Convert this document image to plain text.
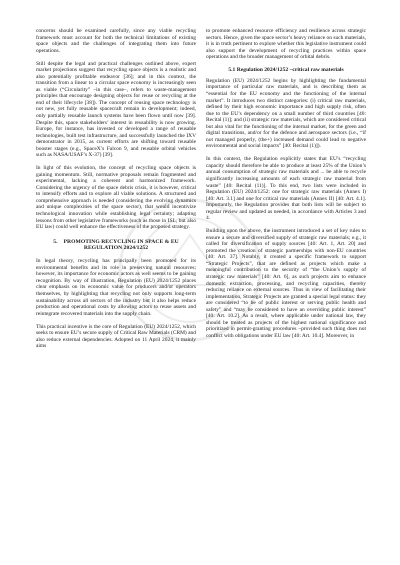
concerns should be examined carefully, since any viable recycling framework must account for both the technical limitations of existing space objects and the challenges of integrating them into future operations.

Still despite the legal and practical challenges outlined above, expert market projections suggest that recycling space objects is a realistic and also potentially profitable endeavor [36]; and in this context, the transition from a linear to a circular space economy is increasingly seen as viable (“Circularity” –in this case–, refers to waste-management principles that encourage designing objects for reuse or recycling at the end of their lifecycle [38]). The concept of reusing space technology is not new, yet fully reusable spacecraft remain in development; indeed, only partially reusable launch systems have been flown until now [39]. Despite this, space stakeholders’ interest in reusability is now growing. Europe, for instance, has invested or developed a range of reusable technologies, built test infrastructure, and successfully launched the IXV demonstrator in 2015, as current efforts are shifting toward reusable booster stages (e.g., SpaceX’s Falcon 9, and reusable orbital vehicles such as NASA/USAF’s X-37) [39].

In light of this evolution, the concept of recycling space objects is gaining momentum. Still, normative proposals remain fragmented and experimental, lacking a coherent and harmonized framework. Considering the urgency of the space debris crisis, it is however, critical to intensify efforts and to explore all viable solutions. A structured and comprehensive approach is needed (considering the evolving dynamics and unique complexities of the space sector), that would incentivize technological innovation while establishing legal certainty; adapting lessons from other legislative frameworks (such as those in ISL, but also EU law) could well enhance the effectiveness of the proposed strategy.

5. PROMOTING RECYCLING IN SPACE & EU REGULATION 2024/1252

In legal theory, recycling has principally been promoted for its environmental benefits and its role in preserving natural resources; however, its importance for economic actors as well seems to be gaining recognition. By way of illustration, Regulation (EU) 2024/1252 places clear emphasis on its economic value for producers and/or operators themselves, by highlighting that recycling not only supports long-term sustainability across all sectors of the industry but it also helps reduce production and operational costs by allowing actors to reuse assets and reintegrate recovered materials into the supply chain.

This practical incentive is the core of Regulation (EU) 2024/1252, which seeks to ensure EU’s secure supply of Critical Raw Materials (CRM) and also reduce external dependencies. Adopted on 11 April 2024, it mainly aims

to promote enhanced resource efficiency and resilience across strategic sectors. Hence, given the space sector’s heavy reliance on such materials, it is in truth pertinent to explore whether this legislative instrument could also support the development of recycling practices within space operations and the broader management of orbital debris.

5.1 Regulation 2024/1252 –critical raw materials

Regulation (EU) 2024/1252 begins by highlighting the fundamental importance of particular raw materials, and is describing them as “essential for the EU economy and the functioning of the internal market”. It introduces two distinct categories: (i) critical raw materials, defined by their high economic importance and high supply risk, often due to the EU’s dependency on a small number of third countries [40: Recital (1)]; and (ii) strategic raw materials, which are considered critical but also vital for the functioning of the internal market, for the green and digital transitions, and/or for the defence and aerospace sectors (i.e., “if not managed properly, (the+) increased demand could lead to negative environmental and social impacts” [40: Recital (1)]).

In this context, the Regulation explicitly states that EU’s “recycling capacity should therefore be able to produce at least 25% of the Union’s annual consumption of strategic raw materials and ... be able to recycle significantly increasing amounts of each strategic raw material from waste” [40: Recital (11)]. To this end, two lists were included in Regulation (EU) 2024/1252: one for strategic raw materials (Annex I) [40: Art. 3.1] and one for critical raw materials (Annex II) [40: Art. 4.1]. Importantly, the Regulation provides that both lists will be subject to regular review and updated as needed, in accordance with Articles 3 and 4.

Building upon the above, the instrument introduced a set of key rules to ensure a secure and diversified supply of strategic raw materials; e.g., it called for diversification of supply sources [40: Art. 1, Art. 20] and promoted the creation of strategic partnerships with non-EU countries [40: Art. 37]. Notably, it created a specific framework to support “Strategic Projects”, that are defined as projects which make a meaningful contribution to the security of “the Union’s supply of strategic raw materials” [40: Art. 6], as such projects aim to enhance domestic extraction, processing, and recycling capacities, thereby reducing reliance on external sources. Thus in view of facilitating their implementation, Strategic Projects are granted a special legal status: they are considered “to be of public interest or serving public health and safety” and “may be considered to have an overriding public interest” [40: Art. 10.2]. As a result, where applicable under national law, they should be treated as projects of the highest national significance and prioritized in permit-granting procedures –provided such thing does not conflict with obligations under EU law [40: Art. 10.4]. Moreover, in
